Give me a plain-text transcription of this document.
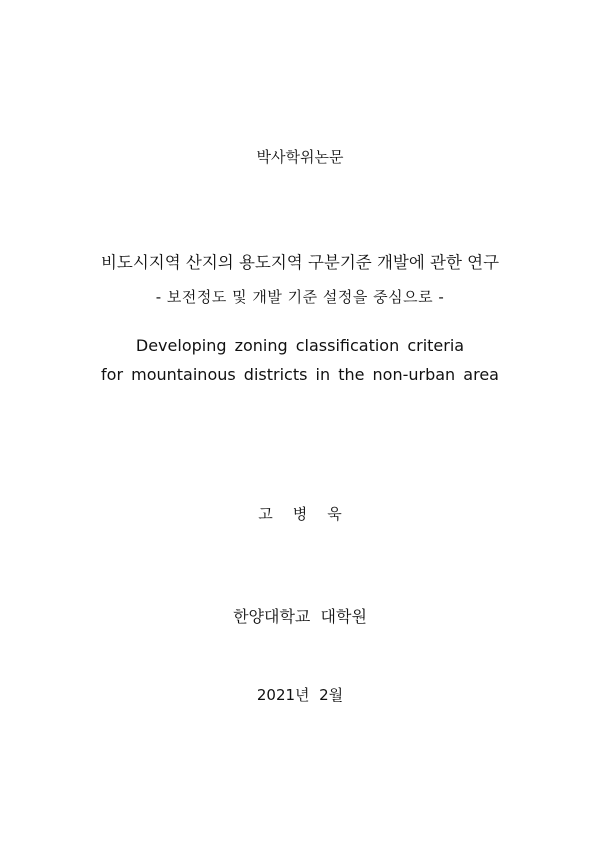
박사학위논문
비도시지역 산지의 용도지역 구분기준 개발에 관한 연구
- 보전정도 및 개발 기준 설정을 중심으로 -
Developing zoning classification criteria
for mountainous districts in the non-urban area
고 병 욱
한양대학교  대학원
2021년  2월
